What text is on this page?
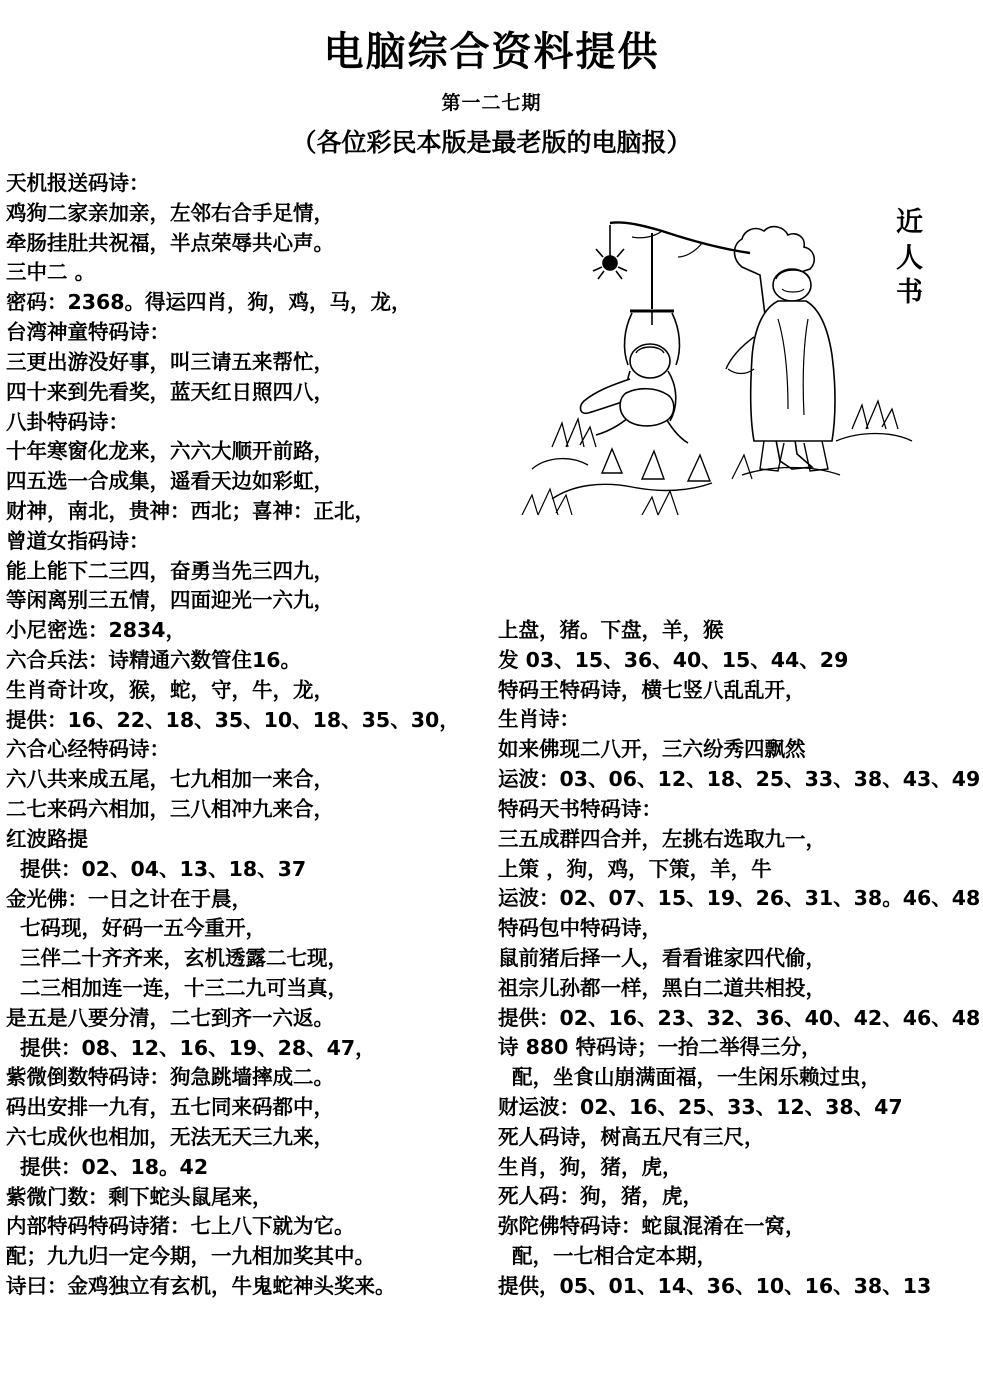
电脑综合资料提供
第一二七期
（各位彩民本版是最老版的电脑报）
近
人
书
天机报送码诗：
鸡狗二家亲加亲，左邻右合手足情，
牵肠挂肚共祝福，半点荣辱共心声。
三中二 。
密码：2368。得运四肖，狗，鸡，马，龙，
台湾神童特码诗：
三更出游没好事，叫三请五来帮忙，
四十来到先看奖，蓝天红日照四八，
八卦特码诗：
十年寒窗化龙来，六六大顺开前路，
四五选一合成集，遥看天边如彩虹，
财神，南北，贵神：西北；喜神：正北，
曾道女指码诗：
能上能下二三四，奋勇当先三四九，
等闲离别三五情，四面迎光一六九，
小尼密选：2834，
六合兵法：诗精通六数管住16。
生肖奇计攻，猴，蛇，守，牛，龙，
提供：16、22、18、35、10、18、35、30，
六合心经特码诗：
六八共来成五尾，七九相加一来合，
二七来码六相加，三八相冲九来合，
红波路提
提供：02、04、13、18、37
金光佛：一日之计在于晨，
七码现，好码一五今重开，
三伴二十齐齐来，玄机透露二七现，
二三相加连一连，十三二九可当真，
是五是八要分清，二七到齐一六返。
提供：08、12、16、19、28、47，
紫微倒数特码诗：狗急跳墙摔成二。
码出安排一九有，五七同来码都中，
六七成伙也相加，无法无天三九来，
提供：02、18。42
紫微门数：剩下蛇头鼠尾来，
内部特码特码诗猪：七上八下就为它。
配；九九归一定今期，一九相加奖其中。
诗曰：金鸡独立有玄机，牛鬼蛇神头奖来。
上盘，猪。下盘，羊，猴
发 03、15、36、40、15、44、29
特码王特码诗，横七竖八乱乱开，
生肖诗：
如来佛现二八开，三六纷秀四飘然
运波：03、06、12、18、25、33、38、43、49
特码天书特码诗：
三五成群四合并，左挑右选取九一，
上策 ，狗，鸡，下策，羊，牛
运波：02、07、15、19、26、31、38。46、48
特码包中特码诗，
鼠前猪后择一人，看看谁家四代偷，
祖宗儿孙都一样，黑白二道共相投，
提供：02、16、23、32、36、40、42、46、48
诗 880 特码诗；一抬二举得三分，
配，坐食山崩满面福，一生闲乐赖过虫，
财运波：02、16、25、33、12、38、47
死人码诗，树高五尺有三尺，
生肖，狗，猪，虎，
死人码：狗，猪，虎，
弥陀佛特码诗：蛇鼠混淆在一窝，
配，一七相合定本期，
提供，05、01、14、36、10、16、38、13
